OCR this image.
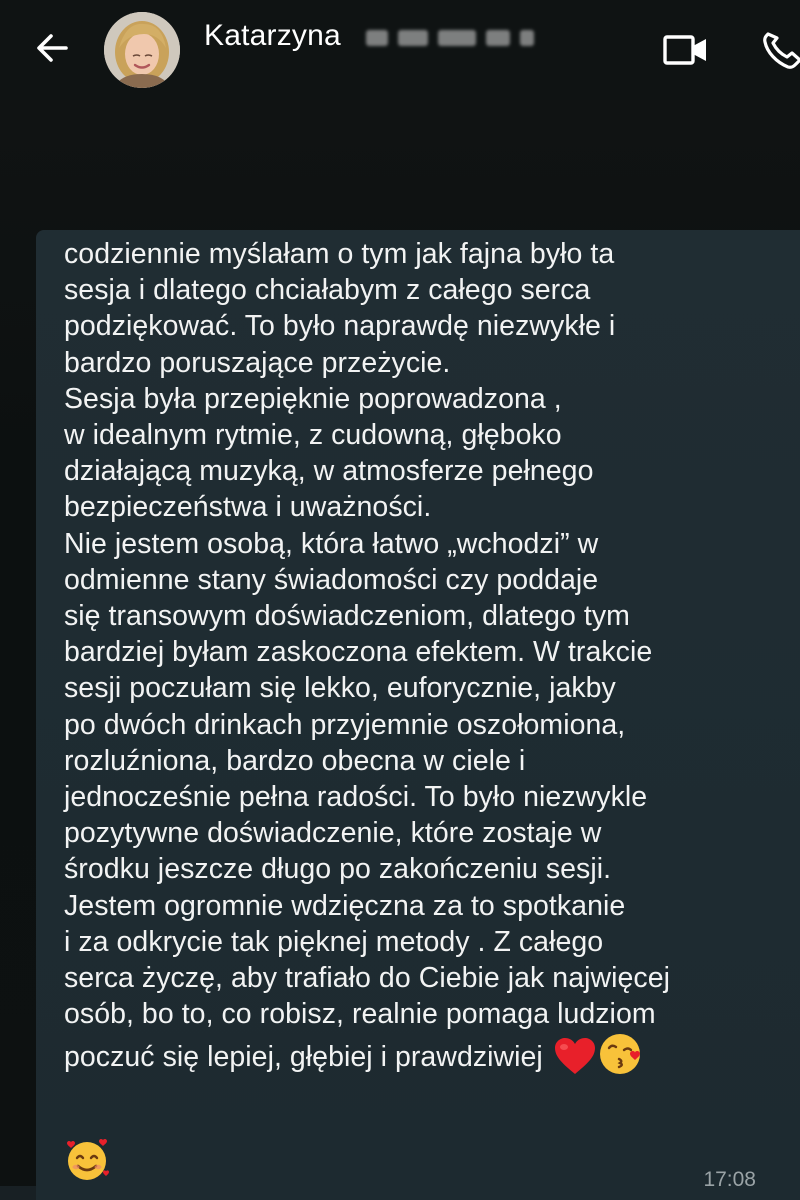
Katarzyna

codziennie myślałam o tym jak fajna było ta
sesja i dlatego chciałabym z całego serca
podziękować. To było naprawdę niezwykłe i
bardzo poruszające przeżycie.
Sesja była przepięknie poprowadzona ,
w idealnym rytmie, z cudowną, głęboko
działającą muzyką, w atmosferze pełnego
bezpieczeństwa i uważności.
Nie jestem osobą, która łatwo „wchodzi” w
odmienne stany świadomości czy poddaje
się transowym doświadczeniom, dlatego tym
bardziej byłam zaskoczona efektem. W trakcie
sesji poczułam się lekko, euforycznie, jakby
po dwóch drinkach przyjemnie oszołomiona,
rozluźniona, bardzo obecna w ciele i
jednocześnie pełna radości. To było niezwykle
pozytywne doświadczenie, które zostaje w
środku jeszcze długo po zakończeniu sesji.
Jestem ogromnie wdzięczna za to spotkanie
i za odkrycie tak pięknej metody . Z całego
serca życzę, aby trafiało do Ciebie jak najwięcej
osób, bo to, co robisz, realnie pomaga ludziom
poczuć się lepiej, głębiej i prawdziwiej

17:08
